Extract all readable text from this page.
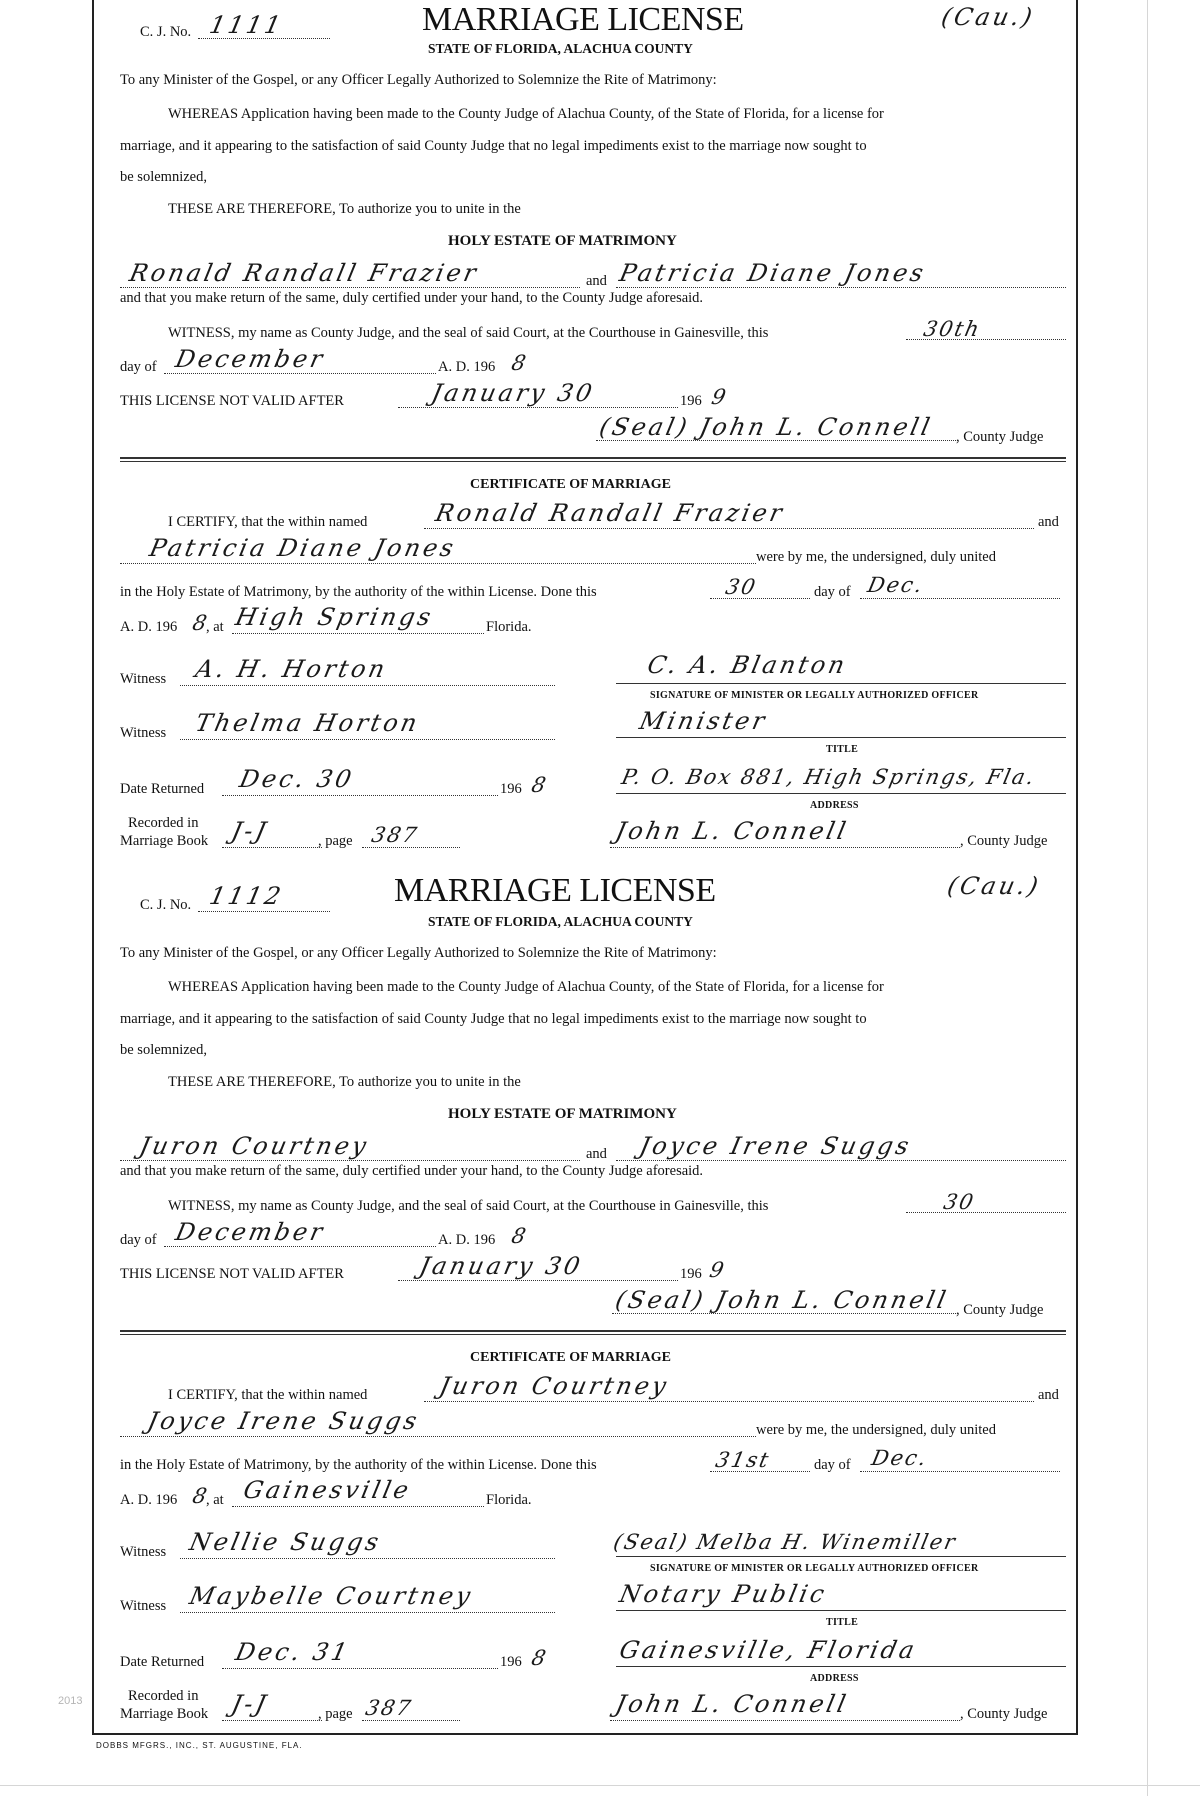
C. J. No. 1111	MARRIAGE LICENSE	(Cau.)
STATE OF FLORIDA, ALACHUA COUNTY
To any Minister of the Gospel, or any Officer Legally Authorized to Solemnize the Rite of Matrimony:
WHEREAS Application having been made to the County Judge of Alachua County, of the State of Florida, for a license for
marriage, and it appearing to the satisfaction of said County Judge that no legal impediments exist to the marriage now sought to
be solemnized,
THESE ARE THEREFORE, To authorize you to unite in the
HOLY ESTATE OF MATRIMONY
Ronald Randall Frazier	and Patricia Diane Jones
and that you make return of the same, duly certified under your hand, to the County Judge aforesaid.
WITNESS, my name as County Judge, and the seal of said Court, at the Courthouse in Gainesville, this	30th
day of December	A. D. 196 8
THIS LICENSE NOT VALID AFTER	January 30	196 9
(Seal) John L. Connell , County Judge
CERTIFICATE OF MARRIAGE
I CERTIFY, that the within named	Ronald Randall Frazier	and
Patricia Diane Jones	were by me, the undersigned, duly united
in the Holy Estate of Matrimony, by the authority of the within License. Done this	30	day of Dec.
A. D. 196 8
, at High Springs	Florida.
Witness A. H. Horton	C. A. Blanton
SIGNATURE OF MINISTER OR LEGALLY AUTHORIZED OFFICER
Witness Thelma Horton	Minister
TITLE
Date Returned Dec. 30	196 8	P. O. Box 881, High Springs, Fla.
ADDRESS
Recorded in
Marriage Book J-J	, page 387	John L. Connell	, County Judge
C. J. No. 1112	MARRIAGE LICENSE	(Cau.)
STATE OF FLORIDA, ALACHUA COUNTY
To any Minister of the Gospel, or any Officer Legally Authorized to Solemnize the Rite of Matrimony:
WHEREAS Application having been made to the County Judge of Alachua County, of the State of Florida, for a license for
marriage, and it appearing to the satisfaction of said County Judge that no legal impediments exist to the marriage now sought to
be solemnized,
THESE ARE THEREFORE, To authorize you to unite in the
HOLY ESTATE OF MATRIMONY
Juron Courtney	and Joyce Irene Suggs
and that you make return of the same, duly certified under your hand, to the County Judge aforesaid.
WITNESS, my name as County Judge, and the seal of said Court, at the Courthouse in Gainesville, this	30
day of December	A. D. 196 8
THIS LICENSE NOT VALID AFTER	January 30	196 9
(Seal) John L. Connell , County Judge
CERTIFICATE OF MARRIAGE
I CERTIFY, that the within named	Juron Courtney	and
Joyce Irene Suggs	were by me, the undersigned, duly united
in the Holy Estate of Matrimony, by the authority of the within License. Done this	31st	day of Dec.
A. D. 196 8
, at Gainesville	Florida.
Witness Nellie Suggs	(Seal) Melba H. Winemiller
SIGNATURE OF MINISTER OR LEGALLY AUTHORIZED OFFICER
Witness Maybelle Courtney	Notary Public
TITLE
Date Returned Dec. 31	196 8	Gainesville, Florida
ADDRESS
Recorded in
Marriage Book J-J	, page 387	John L. Connell	, County Judge
DOBBS MFGRS., INC., ST. AUGUSTINE, FLA.
2013
